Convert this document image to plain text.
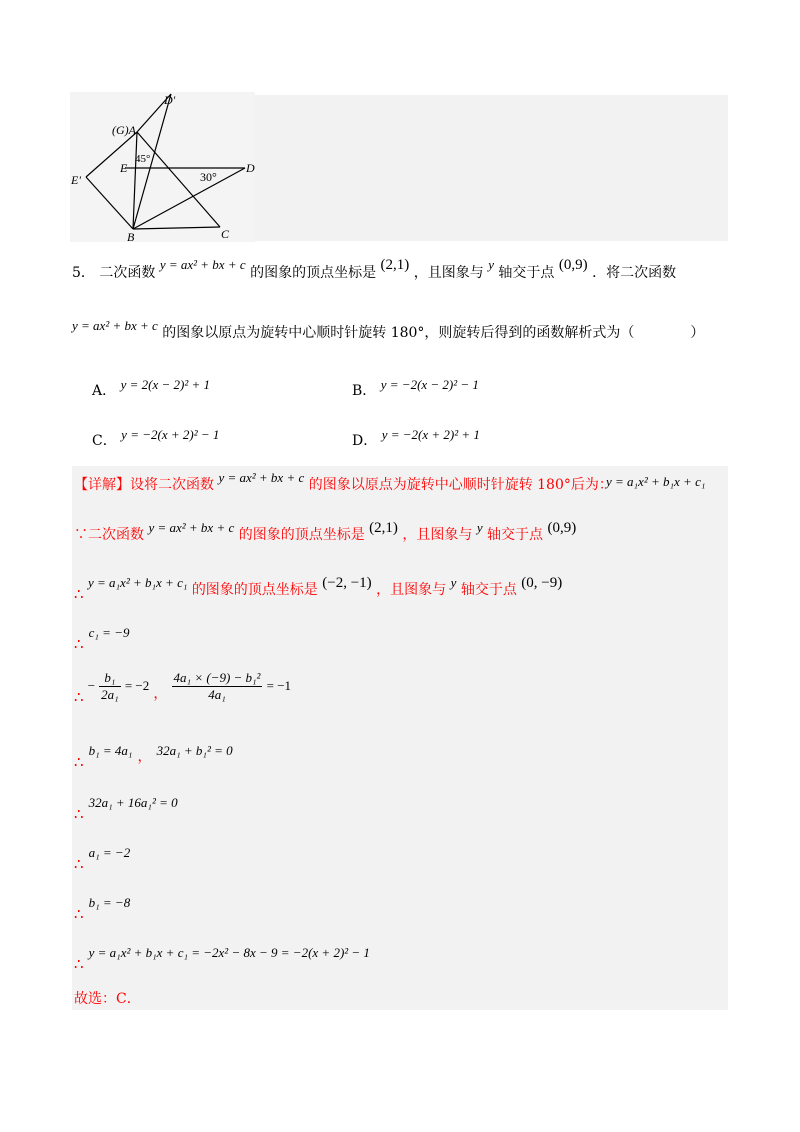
D'
(G)A
E
45°
30°
D
E'
B	C
5． 二次函数 y = ax² + bx + c 的图象的顶点坐标是 (2,1) ，且图象与 y 轴交于点 (0,9) ．将二次函数
y = ax² + bx + c 的图象以原点为旋转中心顺时针旋转 180°，则旋转后得到的函数解析式为（　　　　）
A． y = 2(x − 2)² + 1	B． y = −2(x − 2)² − 1
C． y = −2(x + 2)² − 1	D． y = −2(x + 2)² + 1
【详解】设将二次函数 y = ax² + bx + c 的图象以原点为旋转中心顺时针旋转 180°后为：
y = a₁x² + b₁x + c₁
∵二次函数 y = ax² + bx + c 的图象的顶点坐标是 (2,1) ，且图象与 y 轴交于点 (0,9)
∴ y = a₁x² + b₁x + c₁ 的图象的顶点坐标是 (−2, −1) ，且图象与 y 轴交于点 (0, −9)
∴ c₁ = −9
∴ − $\frac{\text{b₁}}{\text{2a₁}} = -2$ ， $\frac{\text{4a₁ × (−9) − b₁²}}{\text{4a₁}} = -1$
∴ b₁ = 4a₁ ， 32a₁ + b₁² = 0
∴ 32a₁ + 16a₁² = 0
∴ a₁ = −2
∴ b₁ = −8
∴ y = a₁x² + b₁x + c₁ = −2x² − 8x − 9 = −2(x + 2)² − 1
故选：C．
